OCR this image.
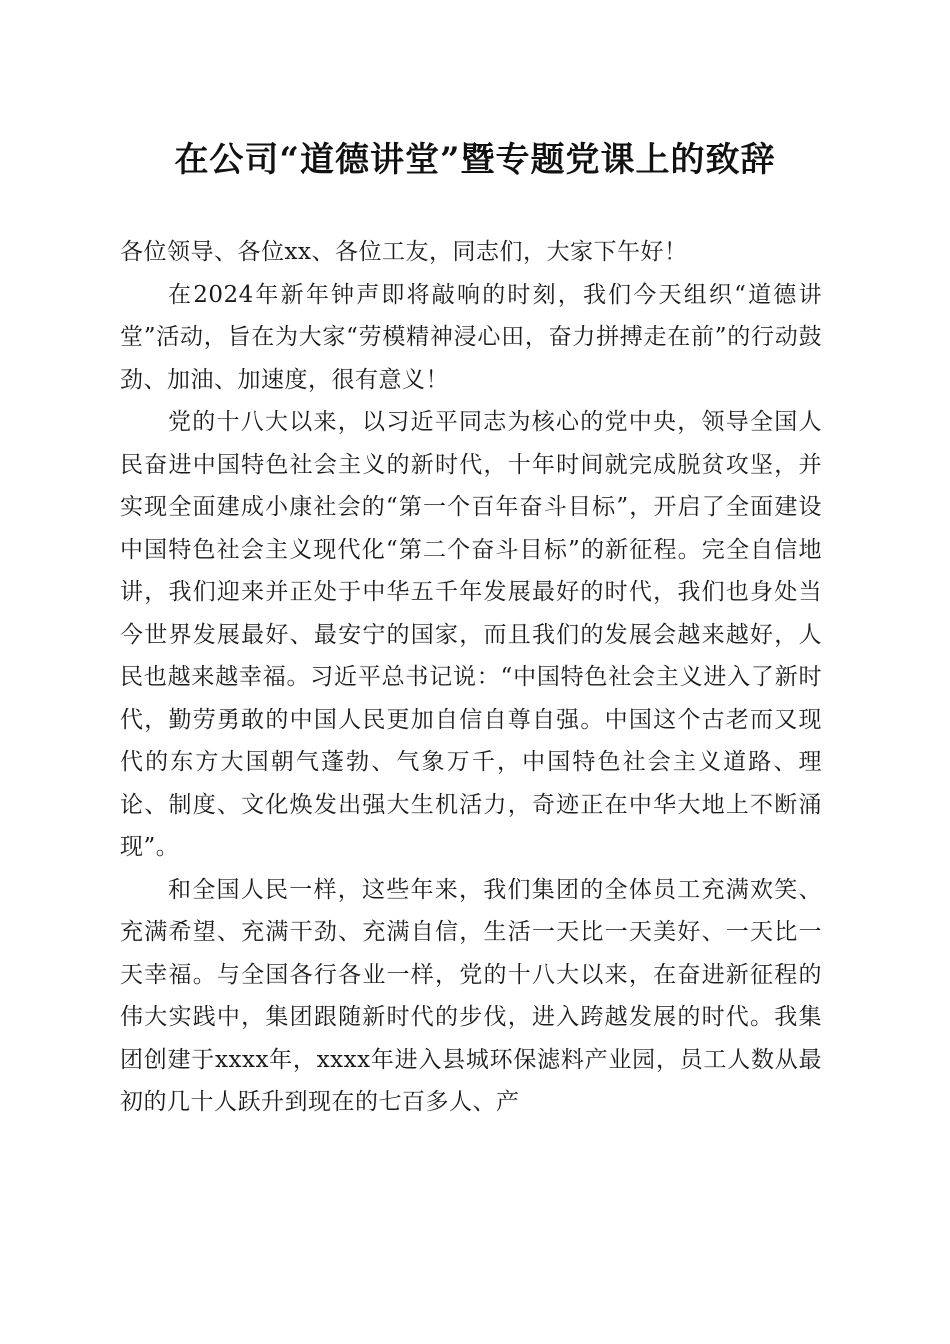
在公司“道德讲堂”暨专题党课上的致辞

各位领导、各位xx、各位工友，同志们，大家下午好！

在2024年新年钟声即将敲响的时刻，我们今天组织“道德讲堂”活动，旨在为大家“劳模精神浸心田，奋力拼搏走在前”的行动鼓劲、加油、加速度，很有意义！

党的十八大以来，以习近平同志为核心的党中央，领导全国人民奋进中国特色社会主义的新时代，十年时间就完成脱贫攻坚，并实现全面建成小康社会的“第一个百年奋斗目标”，开启了全面建设中国特色社会主义现代化“第二个奋斗目标”的新征程。完全自信地讲，我们迎来并正处于中华五千年发展最好的时代，我们也身处当今世界发展最好、最安宁的国家，而且我们的发展会越来越好，人民也越来越幸福。习近平总书记说：“中国特色社会主义进入了新时代，勤劳勇敢的中国人民更加自信自尊自强。中国这个古老而又现代的东方大国朝气蓬勃、气象万千，中国特色社会主义道路、理论、制度、文化焕发出强大生机活力，奇迹正在中华大地上不断涌现”。

和全国人民一样，这些年来，我们集团的全体员工充满欢笑、充满希望、充满干劲、充满自信，生活一天比一天美好、一天比一天幸福。与全国各行各业一样，党的十八大以来，在奋进新征程的伟大实践中，集团跟随新时代的步伐，进入跨越发展的时代。我集团创建于xxxx年，xxxx年进入县城环保滤料产业园，员工人数从最初的几十人跃升到现在的七百多人、产
